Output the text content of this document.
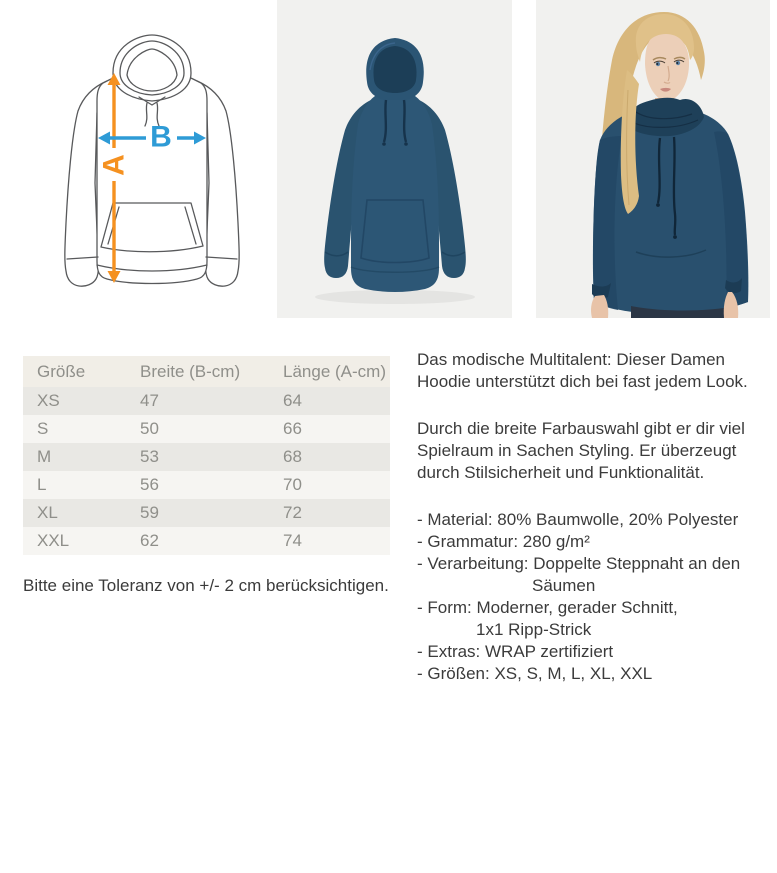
A
B
Größe	Breite (B-cm)	Länge (A-cm)
XS	47	64
S	50	66
M	53	68
L	56	70
XL	59	72
XXL	62	74
Bitte eine Toleranz von +/- 2 cm berücksichtigen.

Das modische Multitalent: Dieser Damen Hoodie unterstützt dich bei fast jedem Look.

Durch die breite Farbauswahl gibt er dir viel Spielraum in Sachen Styling. Er überzeugt durch Stilsicherheit und Funktionalität.

- Material: 80% Baumwolle, 20% Polyester
- Grammatur: 280 g/m²
- Verarbeitung: Doppelte Steppnaht an den
Säumen
- Form: Moderner, gerader Schnitt,
1x1 Ripp-Strick
- Extras: WRAP zertifiziert
- Größen: XS, S, M, L, XL, XXL
